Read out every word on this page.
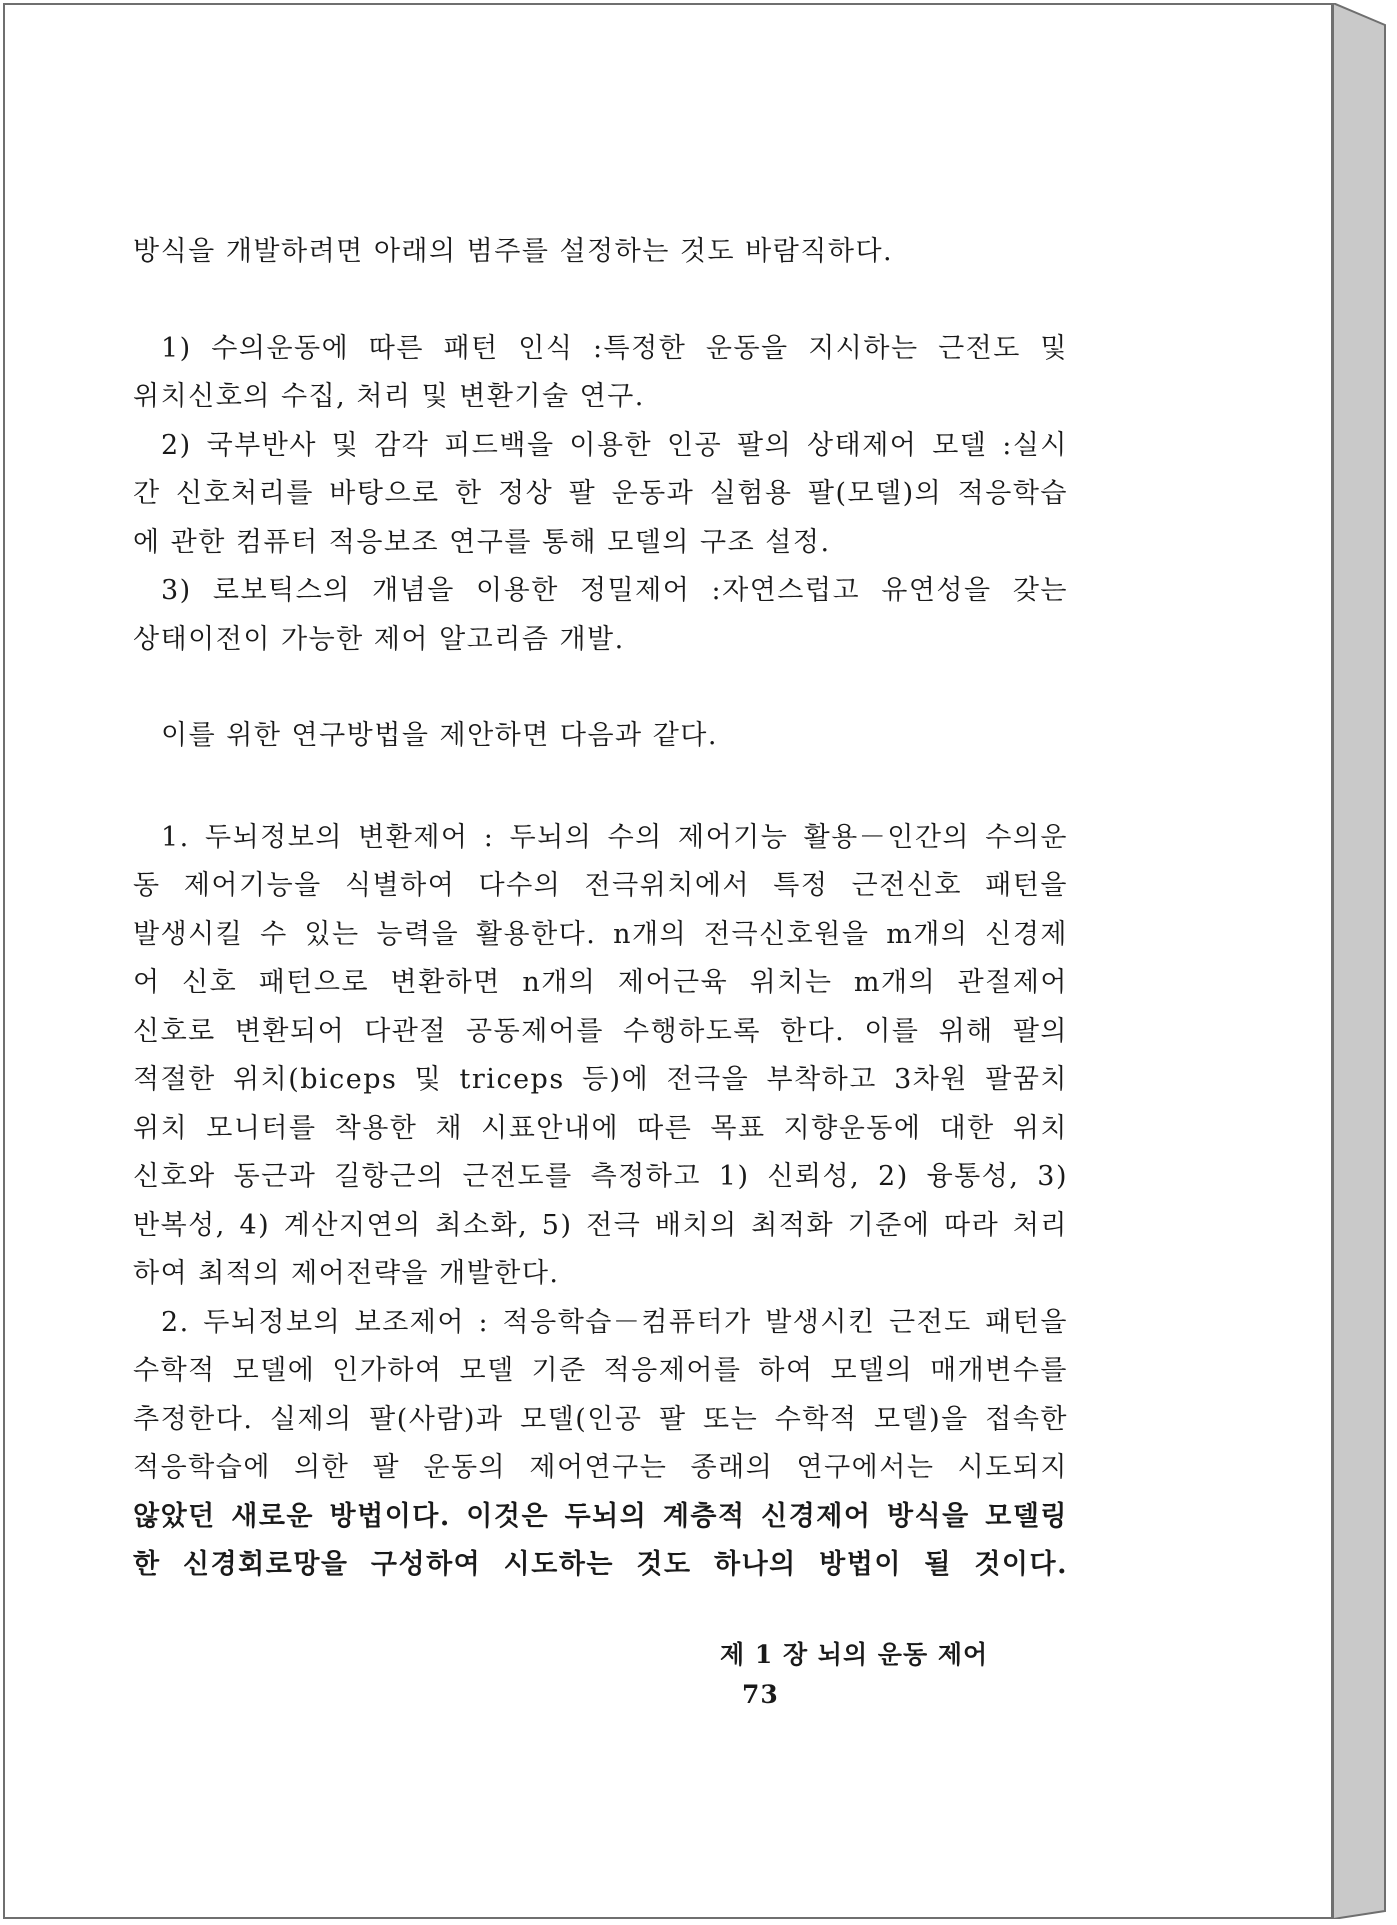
방식을 개발하려면 아래의 범주를 설정하는 것도 바람직하다.
1) 수의운동에 따른 패턴 인식 :특정한 운동을 지시하는 근전도 및
위치신호의 수집, 처리 및 변환기술 연구.
2) 국부반사 및 감각 피드백을 이용한 인공 팔의 상태제어 모델 :실시
간 신호처리를 바탕으로 한 정상 팔 운동과 실험용 팔(모델)의 적응학습
에 관한 컴퓨터 적응보조 연구를 통해 모델의 구조 설정.
3) 로보틱스의 개념을 이용한 정밀제어 :자연스럽고 유연성을 갖는
상태이전이 가능한 제어 알고리즘 개발.
이를 위한 연구방법을 제안하면 다음과 같다.
1. 두뇌정보의 변환제어 : 두뇌의 수의 제어기능 활용－인간의 수의운
동 제어기능을 식별하여 다수의 전극위치에서 특정 근전신호 패턴을
발생시킬 수 있는 능력을 활용한다. n개의 전극신호원을 m개의 신경제
어 신호 패턴으로 변환하면 n개의 제어근육 위치는 m개의 관절제어
신호로 변환되어 다관절 공동제어를 수행하도록 한다. 이를 위해 팔의
적절한 위치(biceps 및 triceps 등)에 전극을 부착하고 3차원 팔꿈치
위치 모니터를 착용한 채 시표안내에 따른 목표 지향운동에 대한 위치
신호와 동근과 길항근의 근전도를 측정하고 1) 신뢰성, 2) 융통성, 3)
반복성, 4) 계산지연의 최소화, 5) 전극 배치의 최적화 기준에 따라 처리
하여 최적의 제어전략을 개발한다.
2. 두뇌정보의 보조제어 : 적응학습－컴퓨터가 발생시킨 근전도 패턴을
수학적 모델에 인가하여 모델 기준 적응제어를 하여 모델의 매개변수를
추정한다. 실제의 팔(사람)과 모델(인공 팔 또는 수학적 모델)을 접속한
적응학습에 의한 팔 운동의 제어연구는 종래의 연구에서는 시도되지
않았던 새로운 방법이다. 이것은 두뇌의 계층적 신경제어 방식을 모델링
한 신경회로망을 구성하여 시도하는 것도 하나의 방법이 될 것이다.
제 1 장 뇌의 운동 제어 73
